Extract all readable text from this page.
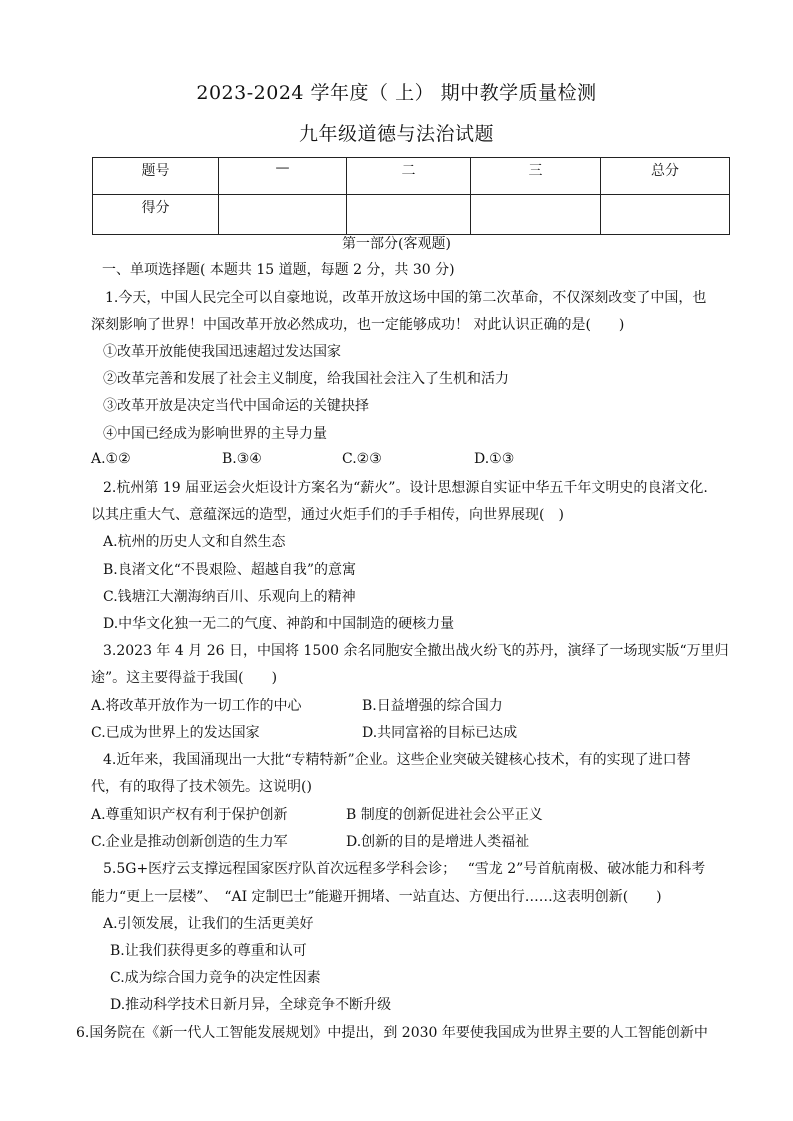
2023-2024 学年度（ 上） 期中教学质量检测
九年级道德与法治试题
题号	—	二	三	总分
得分				
第一部分(客观题)
一、单项选择题( 本题共 15 道题，每题 2 分，共 30 分)
1.今天，中国人民完全可以自豪地说，改革开放这场中国的第二次革命，不仅深刻改变了中国，也
深刻影响了世界！中国改革开放必然成功，也一定能够成功！ 对此认识正确的是(　　)
①改革开放能使我国迅速超过发达国家
②改革完善和发展了社会主义制度，给我国社会注入了生机和活力
③改革开放是决定当代中国命运的关键抉择
④中国已经成为影响世界的主导力量
A.①②	B.③④	C.②③	D.①③
2.杭州第 19 届亚运会火炬设计方案名为“薪火”。设计思想源自实证中华五千年文明史的良渚文化.
以其庄重大气、意蕴深远的造型，通过火炬手们的手手相传，向世界展现(　)
A.杭州的历史人文和自然生态
B.良渚文化“不畏艰险、超越自我”的意寓
C.钱塘江大潮海纳百川、乐观向上的精神
D.中华文化独一无二的气度、神韵和中国制造的硬核力量
3.2023 年 4 月 26 日，中国将 1500 余名同胞安全撤出战火纷飞的苏丹，演绎了一场现实版“万里归
途”。这主要得益于我国(　　)
A.将改革开放作为一切工作的中心	B.日益增强的综合国力
C.已成为世界上的发达国家	D.共同富裕的目标已达成
4.近年来，我国涌现出一大批“专精特新”企业。这些企业突破关键核心技术，有的实现了进口替
代，有的取得了技术领先。这说明()
A.尊重知识产权有利于保护创新	B 制度的创新促进社会公平正义
C.企业是推动创新创造的生力军	D.创新的目的是增进人类福祉
5.5G+医疗云支撑远程国家医疗队首次远程多学科会诊；　 “雪龙 2”号首航南极、破冰能力和科考
能力“更上一层楼”、　“AI 定制巴士”能避开拥堵、一站直达、方便出行……这表明创新(　　)
A.引领发展，让我们的生活更美好
B.让我们获得更多的尊重和认可
C.成为综合国力竞争的决定性因素
D.推动科学技术日新月异，全球竞争不断升级
6.国务院在《新一代人工智能发展规划》中提出，到 2030 年要使我国成为世界主要的人工智能创新中
